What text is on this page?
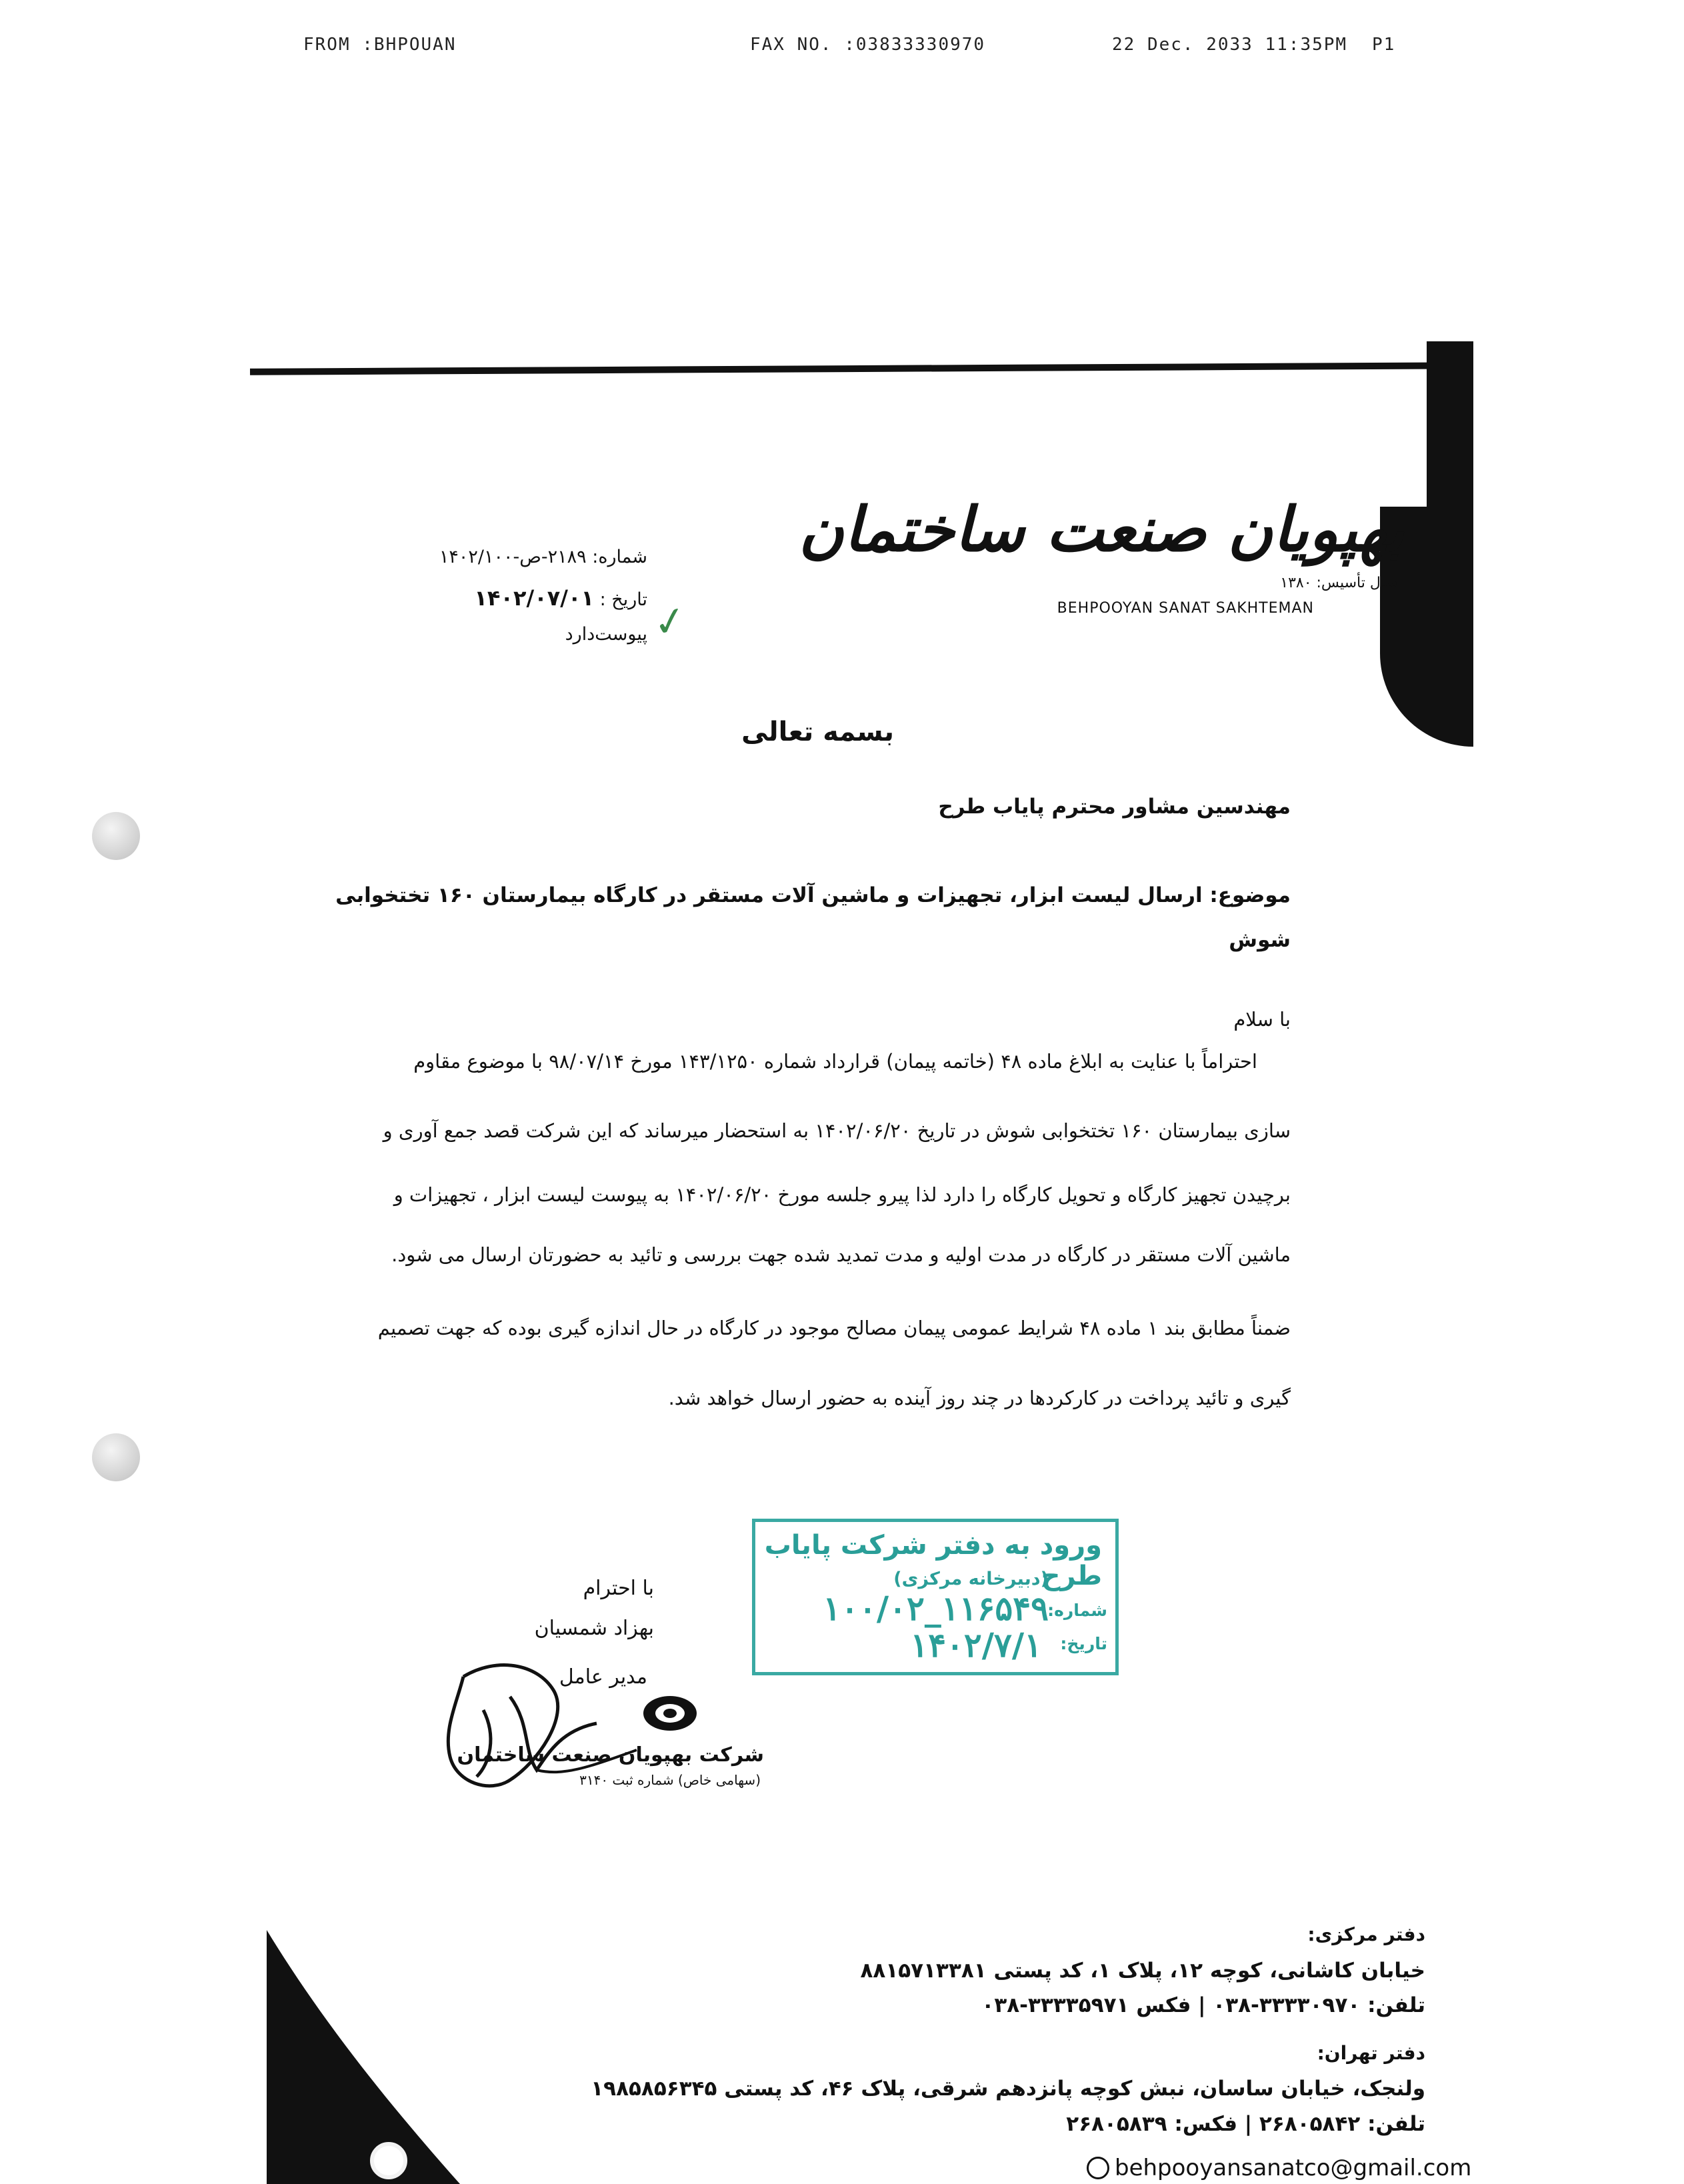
FROM :BHPOUAN	FAX NO. :03833330970	22 Dec. 2033 11:35PM P1
بهپویان صنعت ساختمان
سال تأسیس: ۱۳۸۰
BEHPOOYAN SANAT SAKHTEMAN
شماره: ۲۱۸۹-ص-۱۴۰۲/۱۰۰
تاریخ : ۱۴۰۲/۰۷/۰۱
پیوست‌دارد ✓
بسمه تعالی
مهندسین مشاور محترم پایاب طرح
موضوع: ارسال لیست ابزار، تجهیزات و ماشین آلات مستقر در کارگاه بیمارستان ۱۶۰ تختخوابی
شوش
با سلام
احتراماً با عنایت به ابلاغ ماده ۴۸ (خاتمه پیمان) قرارداد شماره ۱۴۳/۱۲۵۰ مورخ ۹۸/۰۷/۱۴ با موضوع مقاوم
سازی بیمارستان ۱۶۰ تختخوابی شوش در تاریخ ۱۴۰۲/۰۶/۲۰ به استحضار میرساند که این شرکت قصد جمع آوری و
برچیدن تجهیز کارگاه و تحویل کارگاه را دارد لذا پیرو جلسه مورخ ۱۴۰۲/۰۶/۲۰ به پیوست لیست ابزار ، تجهیزات و
ماشین آلات مستقر در کارگاه در مدت اولیه و مدت تمدید شده جهت بررسی و تائید به حضورتان ارسال می شود.
ضمناً مطابق بند ۱ ماده ۴۸ شرایط عمومی پیمان مصالح موجود در کارگاه در حال اندازه گیری بوده که جهت تصمیم
گیری و تائید پرداخت در کارکردها در چند روز آینده به حضور ارسال خواهد شد.
ورود به دفتر شرکت پایاب طرح
(دبیرخانه مرکزی)
شماره:
تاریخ:
۱۰۰/۰۲_۱۱۶۵۴۹
۱۴۰۲/۷/۱
با احترام
بهزاد شمسیان
مدیر عامل
شرکت بهپویان صنعت ساختمان
(سهامی خاص) شماره ثبت ۳۱۴۰
دفتر مرکزی:
خیابان کاشانی، کوچه ۱۲، پلاک ۱، کد پستی ۸۸۱۵۷۱۳۳۸۱
تلفن: ۳۳۳۳۰۹۷۰-۰۳۸ | فکس ۳۳۳۳۵۹۷۱-۰۳۸
دفتر تهران:
ولنجک، خیابان ساسان، نبش کوچه پانزدهم شرقی، پلاک ۴۶، کد پستی ۱۹۸۵۸۵۶۳۴۵
تلفن: ۲۶۸۰۵۸۴۲ | فکس: ۲۶۸۰۵۸۳۹
behpooyansanatco@gmail.com
